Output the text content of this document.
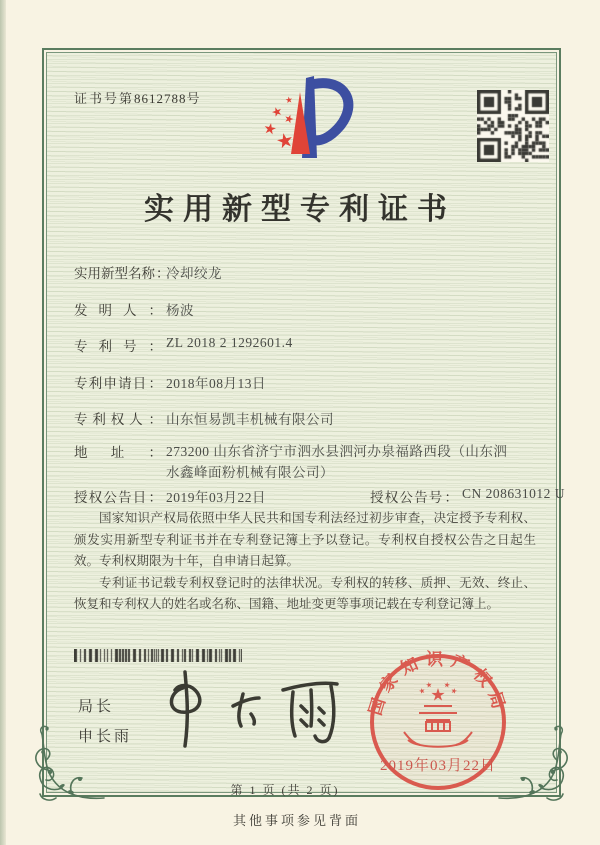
证书号第8612788号
实用新型专利证书
实用新型名称 ： 冷却绞龙
发明人 ： 杨波
专利号 ： ZL 2018 2 1292601.4
专利申请日 ： 2018年08月13日
专利权人 ： 山东恒易凯丰机械有限公司
地址 ：	273200 山东省济宁市泗水县泗河办泉福路西段（山东泗
水鑫峰面粉机械有限公司）
授权公告日 ： 2019年03月22日	授权公告号 ： CN 208631012 U

国家知识产权局依照中华人民共和国专利法经过初步审查，决定授予专利权、颁发实用新型专利证书并在专利登记簿上予以登记。专利权自授权公告之日起生效。专利权期限为十年，自申请日起算。

专利证书记载专利权登记时的法律状况。专利权的转移、质押、无效、终止、恢复和专利权人的姓名或名称、国籍、地址变更等事项记载在专利登记簿上。

局长
申长雨
国家知识产权局
2019年03月22日
第 1 页 (共 2 页)
其他事项参见背面
